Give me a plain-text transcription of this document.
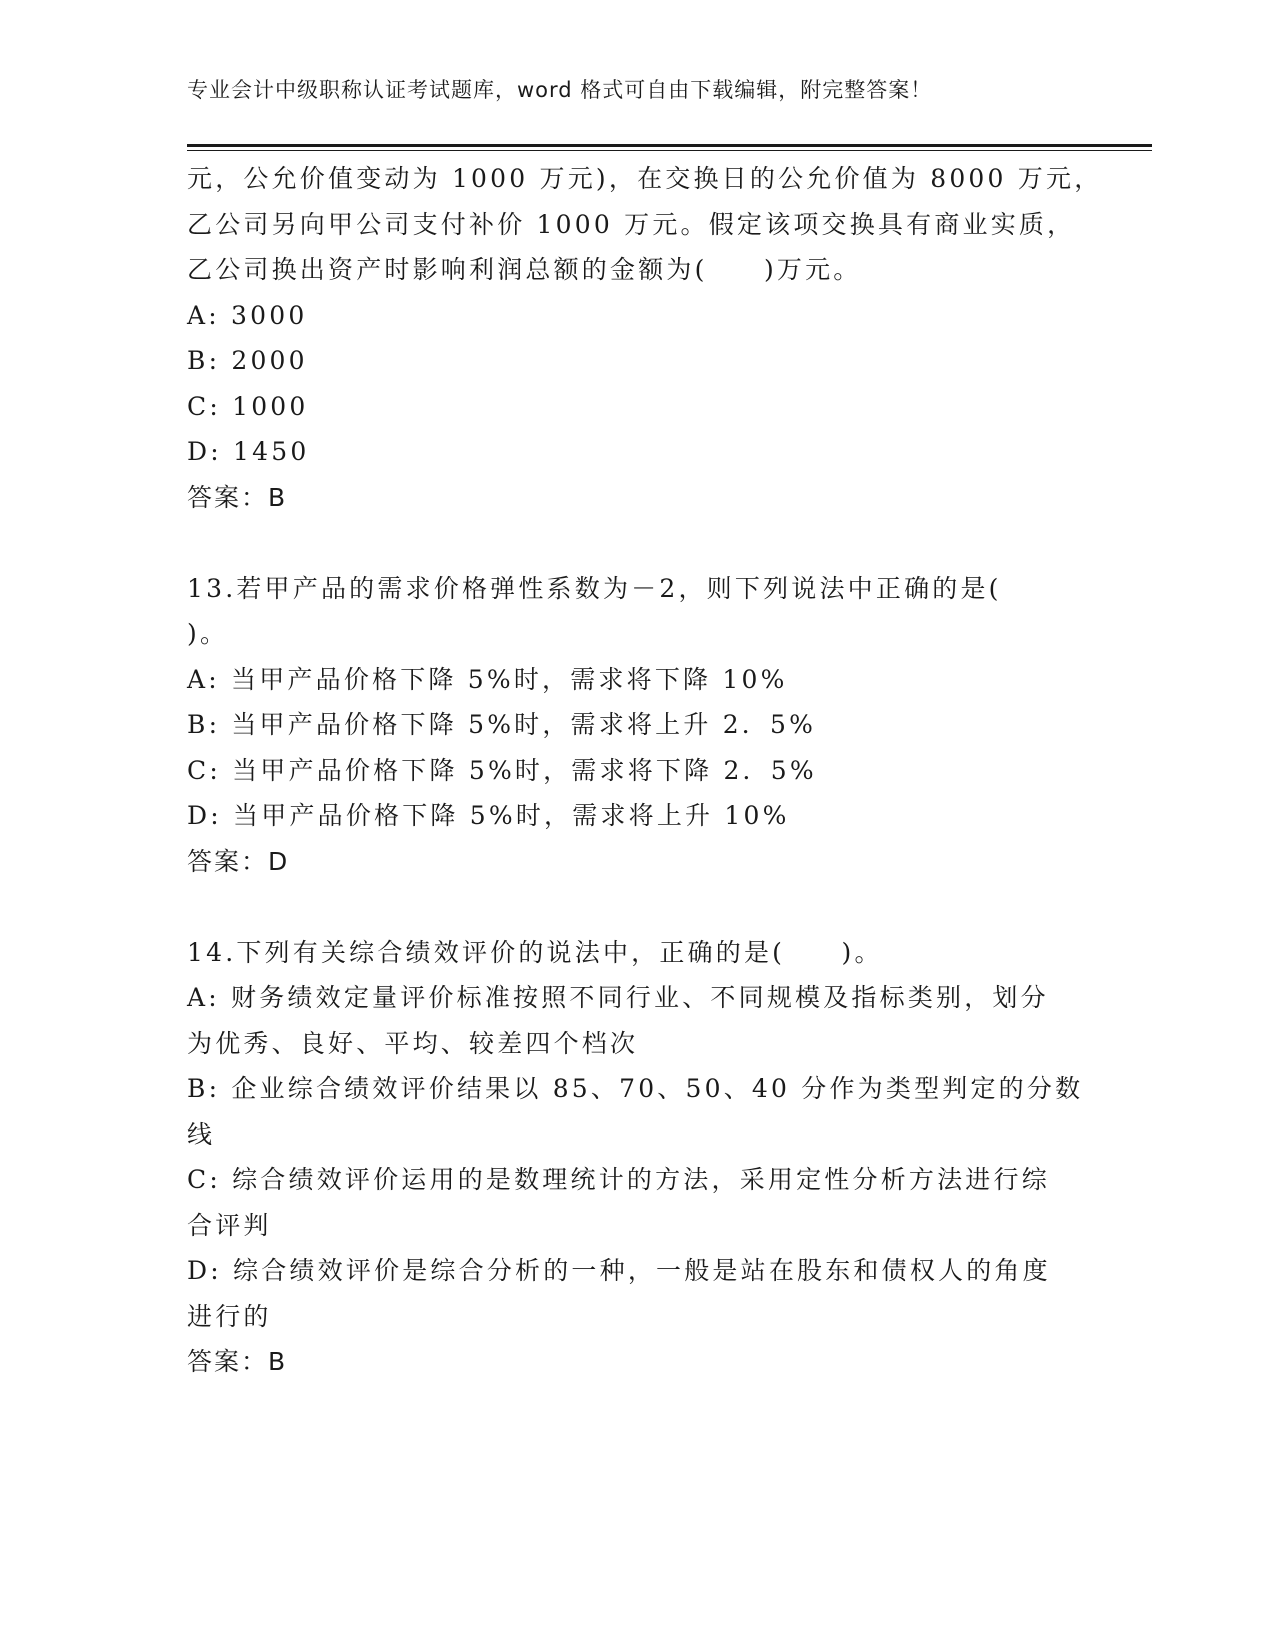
专业会计中级职称认证考试题库，word 格式可自由下载编辑，附完整答案！
元，公允价值变动为 1000 万元)，在交换日的公允价值为 8000 万元，
乙公司另向甲公司支付补价 1000 万元。假定该项交换具有商业实质，
乙公司换出资产时影响利润总额的金额为(　　)万元。
A: 3000
B: 2000
C: 1000
D: 1450
答案：B
13.若甲产品的需求价格弹性系数为－2，则下列说法中正确的是(
)。
A: 当甲产品价格下降 5%时，需求将下降 10%
B: 当甲产品价格下降 5%时，需求将上升 2．5%
C: 当甲产品价格下降 5%时，需求将下降 2．5%
D: 当甲产品价格下降 5%时，需求将上升 10%
答案：D
14.下列有关综合绩效评价的说法中，正确的是(　　)。
A: 财务绩效定量评价标准按照不同行业、不同规模及指标类别，划分
为优秀、良好、平均、较差四个档次
B: 企业综合绩效评价结果以 85、70、50、40 分作为类型判定的分数
线
C: 综合绩效评价运用的是数理统计的方法，采用定性分析方法进行综
合评判
D: 综合绩效评价是综合分析的一种，一般是站在股东和债权人的角度
进行的
答案：B
